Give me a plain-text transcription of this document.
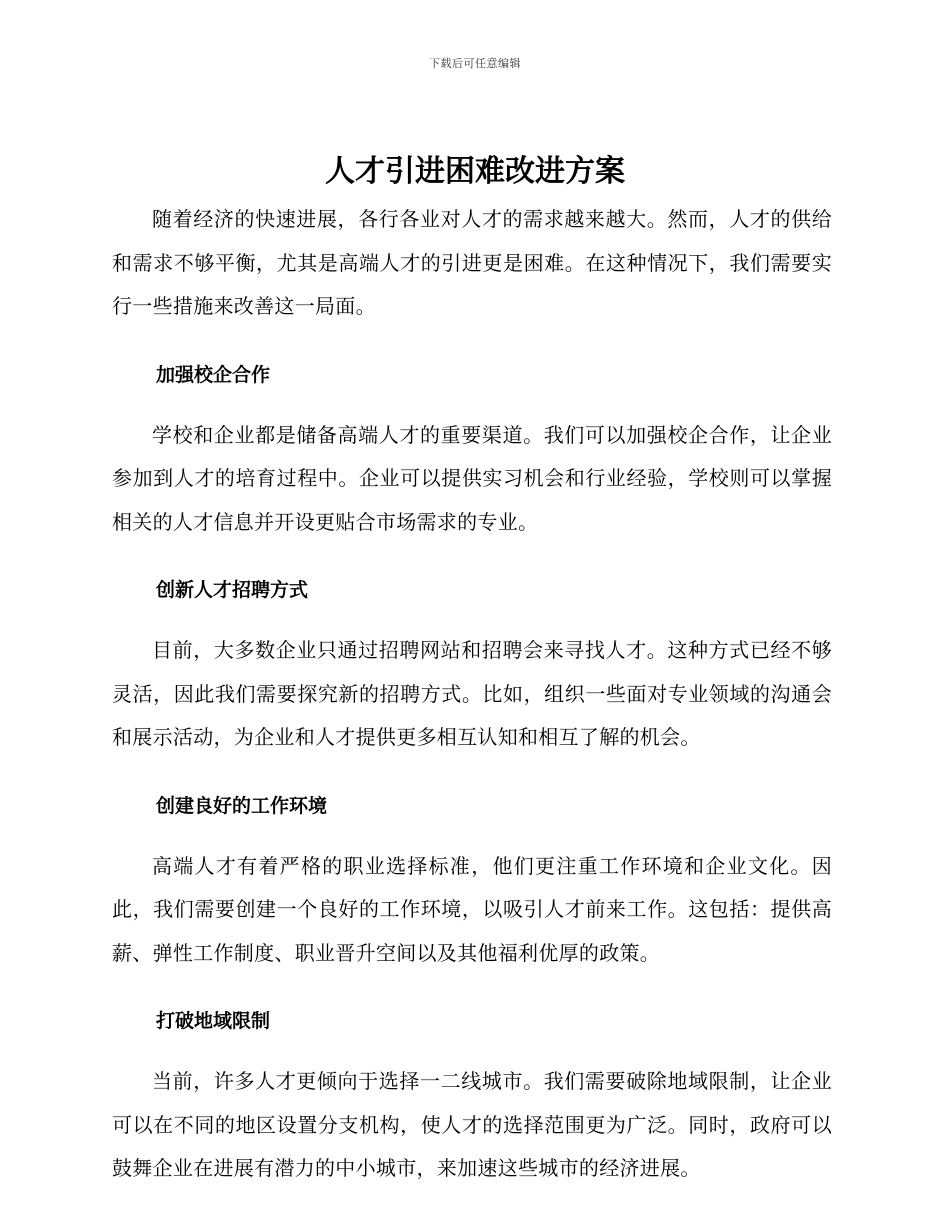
下载后可任意编辑
人才引进困难改进方案

随着经济的快速进展，各行各业对人才的需求越来越大。然而，人才的供给和需求不够平衡，尤其是高端人才的引进更是困难。在这种情况下，我们需要实行一些措施来改善这一局面。

加强校企合作

学校和企业都是储备高端人才的重要渠道。我们可以加强校企合作，让企业参加到人才的培育过程中。企业可以提供实习机会和行业经验，学校则可以掌握相关的人才信息并开设更贴合市场需求的专业。

创新人才招聘方式

目前，大多数企业只通过招聘网站和招聘会来寻找人才。这种方式已经不够灵活，因此我们需要探究新的招聘方式。比如，组织一些面对专业领域的沟通会和展示活动，为企业和人才提供更多相互认知和相互了解的机会。

创建良好的工作环境

高端人才有着严格的职业选择标准，他们更注重工作环境和企业文化。因此，我们需要创建一个良好的工作环境，以吸引人才前来工作。这包括：提供高薪、弹性工作制度、职业晋升空间以及其他福利优厚的政策。

打破地域限制

当前，许多人才更倾向于选择一二线城市。我们需要破除地域限制，让企业可以在不同的地区设置分支机构，使人才的选择范围更为广泛。同时，政府可以鼓舞企业在进展有潜力的中小城市，来加速这些城市的经济进展。
